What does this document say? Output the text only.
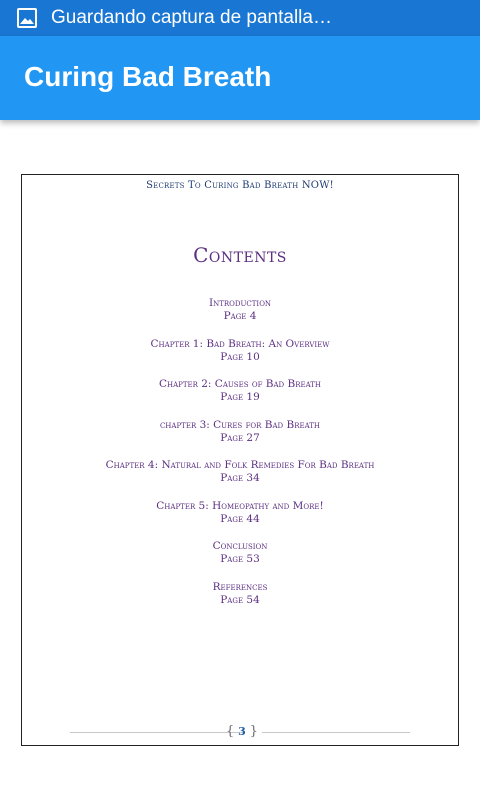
Guardando captura de pantalla…
Curing Bad Breath
Secrets To Curing Bad Breath NOW!
Contents
Introduction
Page 4
Chapter 1: Bad Breath: An Overview
Page 10
Chapter 2: Causes of Bad Breath
Page 19
chapter 3: Cures for Bad Breath
Page 27
Chapter 4: Natural and Folk Remedies For Bad Breath
Page 34
Chapter 5: Homeopathy and More!
Page 44
Conclusion
Page 53
References
Page 54
{ 3 }
